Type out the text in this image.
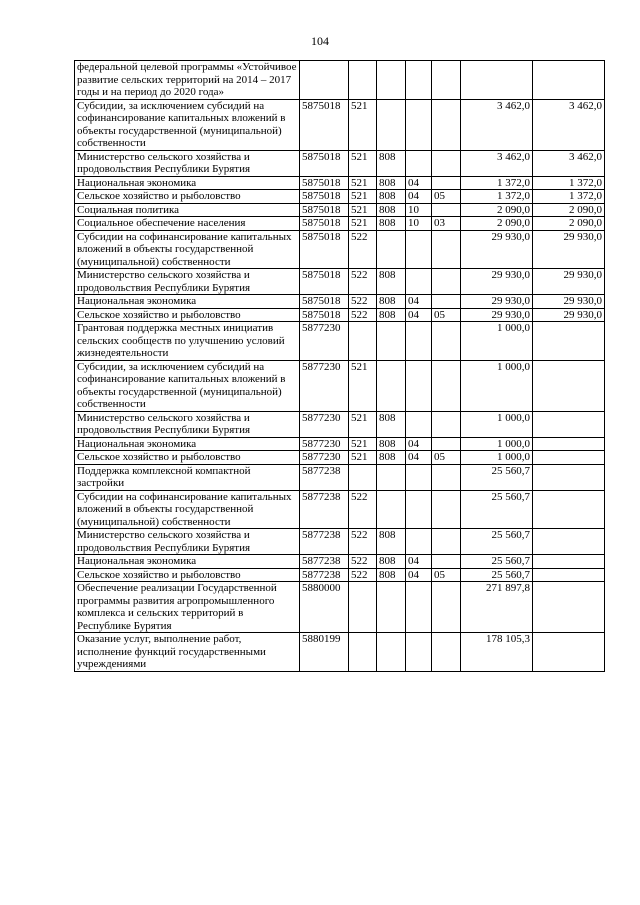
104
федеральной целевой программы «Устойчивое развитие сельских территорий на 2014 – 2017 годы и на период до 2020 года»							
Субсидии, за исключением субсидий на софинансирование капитальных вложений в объекты государственной (муниципальной) собственности	5875018	521				3 462,0	3 462,0
Министерство сельского хозяйства и продовольствия Республики Бурятия	5875018	521	808			3 462,0	3 462,0
Национальная экономика	5875018	521	808	04		1 372,0	1 372,0
Сельское хозяйство и рыболовство	5875018	521	808	04	05	1 372,0	1 372,0
Социальная политика	5875018	521	808	10		2 090,0	2 090,0
Социальное обеспечение населения	5875018	521	808	10	03	2 090,0	2 090,0
Субсидии на софинансирование капитальных вложений в объекты государственной (муниципальной) собственности	5875018	522				29 930,0	29 930,0
Министерство сельского хозяйства и продовольствия Республики Бурятия	5875018	522	808			29 930,0	29 930,0
Национальная экономика	5875018	522	808	04		29 930,0	29 930,0
Сельское хозяйство и рыболовство	5875018	522	808	04	05	29 930,0	29 930,0
Грантовая поддержка местных инициатив сельских сообществ по улучшению условий жизнедеятельности	5877230					1 000,0	
Субсидии, за исключением субсидий на софинансирование капитальных вложений в объекты государственной (муниципальной) собственности	5877230	521				1 000,0	
Министерство сельского хозяйства и продовольствия Республики Бурятия	5877230	521	808			1 000,0	
Национальная экономика	5877230	521	808	04		1 000,0	
Сельское хозяйство и рыболовство	5877230	521	808	04	05	1 000,0	
Поддержка комплексной компактной застройки	5877238					25 560,7	
Субсидии на софинансирование капитальных вложений в объекты государственной (муниципальной) собственности	5877238	522				25 560,7	
Министерство сельского хозяйства и продовольствия Республики Бурятия	5877238	522	808			25 560,7	
Национальная экономика	5877238	522	808	04		25 560,7	
Сельское хозяйство и рыболовство	5877238	522	808	04	05	25 560,7	
Обеспечение реализации Государственной программы развития агропромышленного комплекса и сельских территорий в Республике Бурятия	5880000					271 897,8	
Оказание услуг, выполнение работ, исполнение функций государственными учреждениями	5880199					178 105,3	
